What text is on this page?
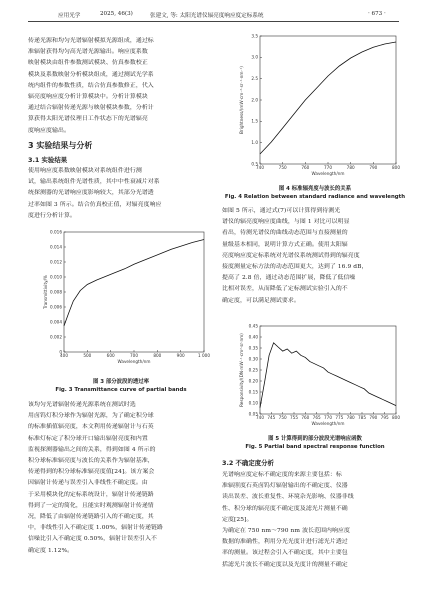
应用光学	2025, 46(3)	张建文, 等: 太阳光谱仪辐亮度响应度定标系统	· 673 ·

传递光源和均匀光谱辐射模拟光源组成，通过标

准辐射获得均匀高光谱光源输出。响应度系数

映射模块由组件参数测试模块、仿真参数校正

模块及系数映射分析模块组成，通过测试光学系

统内组件的参数性质，结合仿真参数修正，代入

辐亮度响应度分析计算模块中。分析计算模块

通过结合辐射传递光源与映射模块参数，分析计

算获得太阳光谱仪理日工作状态下的光谱辐亮

度响应度输出。

3 实验结果与分析
3.1 实验结果

使用响应度系数映射模块对系统组件进行测

试，输出系统组件光谱性质，其中中性衰减片对系

统探测器的光谱响应度影响较大，其部分光谱透

过率如图 3 所示。结合仿真校正值，对辐亮度响应

度进行分析计算。

400	500	600	700	800	900	1 000
0.016
0.014
0.012
0.010
0.008
0.006
0.004
0.002
0
Wavelength/nm
Transmittivity/%
图 3 部分波段的透过率
Fig. 3 Transmittance curve of partial bands

该均匀光谱辐射传递光源系统在测试时选

用卤钨灯积分球作为辐射光源，为了确定积分球

的标准插值辐亮度，本文利用传递辐射计与石英

标准灯标定了积分球开口输出辐射亮度和内置

监视探测器输出之间的关系，得到如图 4 所示的

积分球标准辐亮度与波长的关系作为辐射基准，

传递得到的积分球标准辐亮度值[24]。该方案会

因辐射计传递与误差引入非线性不确定度。由

于采用模块化的定标系统设计，辐射计传递链路

得到了一定的简化，且能实时观测辐射计传递情

况，降低了由辐射传递链路引入的不确定度，其

中，非线性引入不确定度 1.00%，辐射计传递链路

信噪比引入不确定度 0.50%，辐射计误差引入不

确定度 1.12%。

740	750	760	770	780	790	800
3.5
3.0
2.5
2.0
1.5
1.0
0.5
Wavelength/nm
Brightness/(mW·cm⁻²·sr⁻¹·nm⁻¹)
图 4 标准辐亮度与波长的关系
Fig. 4 Relation between standard radiance and wavelength

如图 5 所示，通过式(7)可以计算得到待测光

谱仪的辐亮度响应度曲线，与图 1 对比可以明显

看出，待测光谱仪的曲线动态范围与直接测量的

量级基本相同，说明计算方式正确。使用太阳辐

亮度响应度定标系统对光谱仪系统测试得到的辐亮度

接度测量定标方法的动态范围更大，达到了 16.9 dB，

提高了 2.8 倍，通过动态范围扩展，降低了低信噪

比相对误差，从而降低了定标测试实验引入的不

确定度，可以满足测试要求。

740 745 750 755 760 765 770 775 780 785 790 795 800
0.45
0.40
0.35
0.30
0.25
0.20
0.15
0.10
0.05
Wavelength/nm
Responsivity/(DN·mW⁻¹·cm²·sr·nm)
图 5 计算得到的部分波段光谱响应函数
Fig. 5 Partial band spectral response function
3.2 不确定度分析

光谱响应度定标不确定度的来源主要包括：标

准辐照度石英卤钨灯辐射输出的不确定度、仪器

读出误差、波长重复性、环境杂光影响、仪器非线

性、积分球的辐亮度不确定度及滤光片测量不确

定度[25]。

为确定在 750 nm～790 nm 波长范围内响应度

数据的准确性，利用分光光度计进行滤光片透过

率的测量。该过程会引入不确定度，其中主要包

括滤光片波长不确定度以及光度计的测量不确定
